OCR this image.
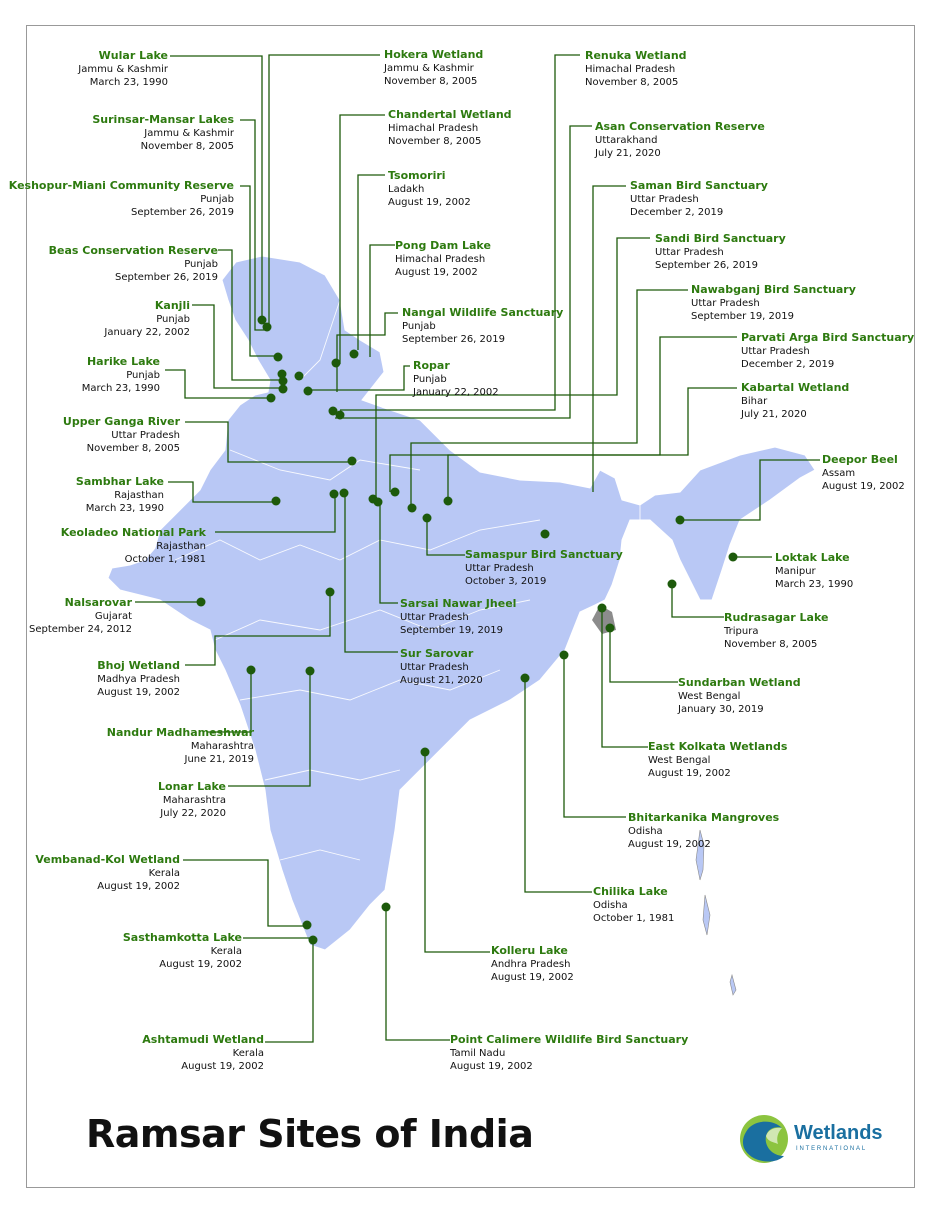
Wular Lake
Jammu & Kashmir
March 23, 1990
Hokera Wetland
Jammu & Kashmir
November 8, 2005
Renuka Wetland
Himachal Pradesh
November 8, 2005
Surinsar-Mansar Lakes
Jammu & Kashmir
November 8, 2005
Chandertal Wetland
Himachal Pradesh
November 8, 2005
Asan Conservation Reserve
Uttarakhand
July 21, 2020
Keshopur-Miani Community Reserve
Punjab
September 26, 2019
Tsomoriri
Ladakh
August 19, 2002
Saman Bird Sanctuary
Uttar Pradesh
December 2, 2019
Sandi Bird Sanctuary
Uttar Pradesh
September 26, 2019
Beas Conservation Reserve
Punjab
September 26, 2019
Pong Dam Lake
Himachal Pradesh
August 19, 2002
Nawabganj Bird Sanctuary
Uttar Pradesh
September 19, 2019
Kanjli
Punjab
January 22, 2002
Nangal Wildlife Sanctuary
Punjab
September 26, 2019	Parvati Arga Bird Sanctuary
Uttar Pradesh
December 2, 2019
Harike Lake
Punjab
March 23, 1990
Ropar
Punjab
January 22, 2002	Kabartal Wetland
Bihar
July 21, 2020
Upper Ganga River
Uttar Pradesh
November 8, 2005
Deepor Beel
Assam
August 19, 2002
Sambhar Lake
Rajasthan
March 23, 1990
Keoladeo National Park
Rajasthan
October 1, 1981	Samaspur Bird Sanctuary
Uttar Pradesh
October 3, 2019
Loktak Lake
Manipur
March 23, 1990
Nalsarovar
Gujarat
September 24, 2012
Sarsai Nawar Jheel
Uttar Pradesh
September 19, 2019
Rudrasagar Lake
Tripura
November 8, 2005
Bhoj Wetland
Madhya Pradesh
August 19, 2002
Sur Sarovar
Uttar Pradesh
August 21, 2020	Sundarban Wetland
West Bengal
January 30, 2019
Nandur Madhameshwar
Maharashtra
June 21, 2019
East Kolkata Wetlands
West Bengal
August 19, 2002
Lonar Lake
Maharashtra
July 22, 2020	Bhitarkanika Mangroves
Odisha
August 19, 2002
Vembanad-Kol Wetland
Kerala
August 19, 2002	Chilika Lake
Odisha
October 1, 1981
Sasthamkotta Lake
Kerala
August 19, 2002
Kolleru Lake
Andhra Pradesh
August 19, 2002
Ashtamudi Wetland
Kerala
August 19, 2002
Point Calimere Wildlife Bird Sanctuary
Tamil Nadu
August 19, 2002
Ramsar Sites of India	Wetlands
INTERNATIONAL
